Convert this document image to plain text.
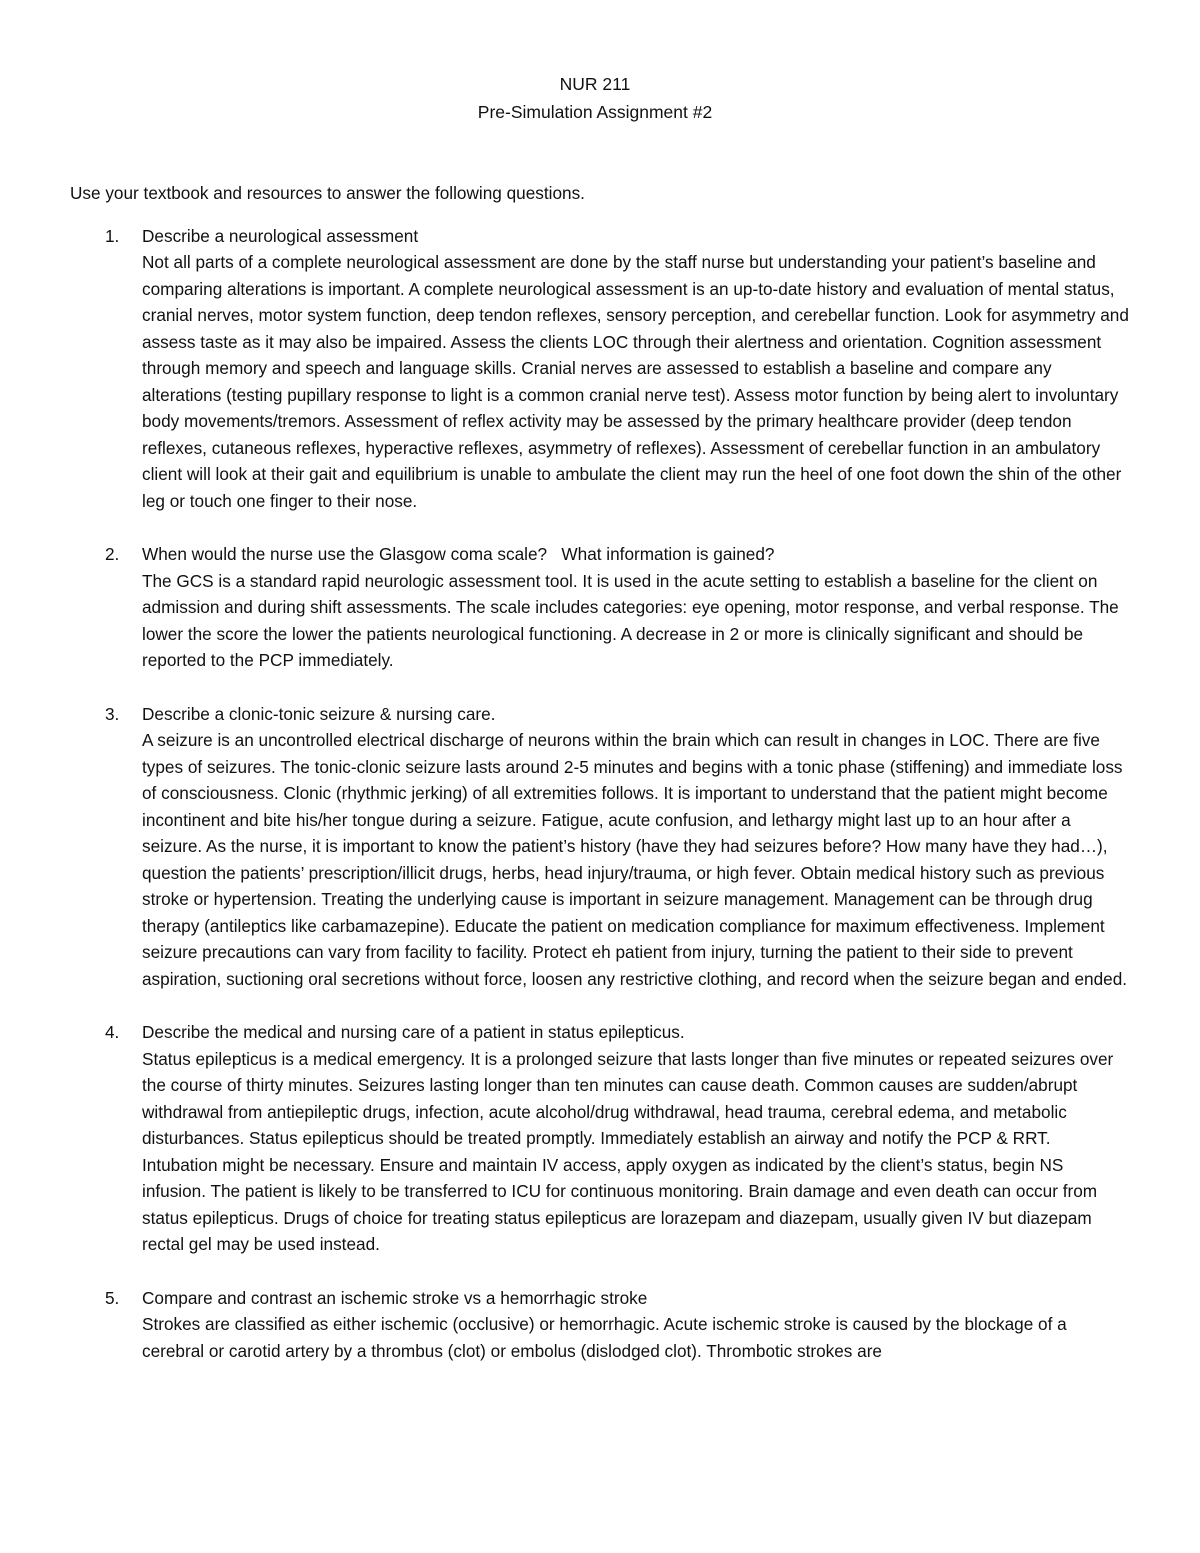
NUR 211
Pre-Simulation Assignment #2
Use your textbook and resources to answer the following questions.
1.	Describe a neurological assessment

Not all parts of a complete neurological assessment are done by the staff nurse but understanding your patient’s baseline and comparing alterations is important. A complete neurological assessment is an up-to-date history and evaluation of mental status, cranial nerves, motor system function, deep tendon reflexes, sensory perception, and cerebellar function. Look for asymmetry and assess taste as it may also be impaired. Assess the clients LOC through their alertness and orientation. Cognition assessment through memory and speech and language skills. Cranial nerves are assessed to establish a baseline and compare any alterations (testing pupillary response to light is a common cranial nerve test). Assess motor function by being alert to involuntary body movements/tremors. Assessment of reflex activity may be assessed by the primary healthcare provider (deep tendon reflexes, cutaneous reflexes, hyperactive reflexes, asymmetry of reflexes). Assessment of cerebellar function in an ambulatory client will look at their gait and equilibrium is unable to ambulate the client may run the heel of one foot down the shin of the other leg or touch one finger to their nose.

2.	When would the nurse use the Glasgow coma scale?   What information is gained?

The GCS is a standard rapid neurologic assessment tool. It is used in the acute setting to establish a baseline for the client on admission and during shift assessments. The scale includes categories: eye opening, motor response, and verbal response. The lower the score the lower the patients neurological functioning. A decrease in 2 or more is clinically significant and should be reported to the PCP immediately.

3.	Describe a clonic-tonic seizure & nursing care.

A seizure is an uncontrolled electrical discharge of neurons within the brain which can result in changes in LOC. There are five types of seizures. The tonic-clonic seizure lasts around 2-5 minutes and begins with a tonic phase (stiffening) and immediate loss of consciousness. Clonic (rhythmic jerking) of all extremities follows. It is important to understand that the patient might become incontinent and bite his/her tongue during a seizure. Fatigue, acute confusion, and lethargy might last up to an hour after a seizure. As the nurse, it is important to know the patient’s history (have they had seizures before? How many have they had…), question the patients’ prescription/illicit drugs, herbs, head injury/trauma, or high fever. Obtain medical history such as previous stroke or hypertension. Treating the underlying cause is important in seizure management. Management can be through drug therapy (antileptics like carbamazepine). Educate the patient on medication compliance for maximum effectiveness. Implement seizure precautions can vary from facility to facility. Protect eh patient from injury, turning the patient to their side to prevent aspiration, suctioning oral secretions without force, loosen any restrictive clothing, and record when the seizure began and ended.

4.	Describe the medical and nursing care of a patient in status epilepticus.

Status epilepticus is a medical emergency. It is a prolonged seizure that lasts longer than five minutes or repeated seizures over the course of thirty minutes. Seizures lasting longer than ten minutes can cause death. Common causes are sudden/abrupt withdrawal from antiepileptic drugs, infection, acute alcohol/drug withdrawal, head trauma, cerebral edema, and metabolic disturbances. Status epilepticus should be treated promptly. Immediately establish an airway and notify the PCP & RRT. Intubation might be necessary. Ensure and maintain IV access, apply oxygen as indicated by the client’s status, begin NS infusion. The patient is likely to be transferred to ICU for continuous monitoring. Brain damage and even death can occur from status epilepticus. Drugs of choice for treating status epilepticus are lorazepam and diazepam, usually given IV but diazepam rectal gel may be used instead.

5.	Compare and contrast an ischemic stroke vs a hemorrhagic stroke

Strokes are classified as either ischemic (occlusive) or hemorrhagic. Acute ischemic stroke is caused by the blockage of a cerebral or carotid artery by a thrombus (clot) or embolus (dislodged clot). Thrombotic strokes are
